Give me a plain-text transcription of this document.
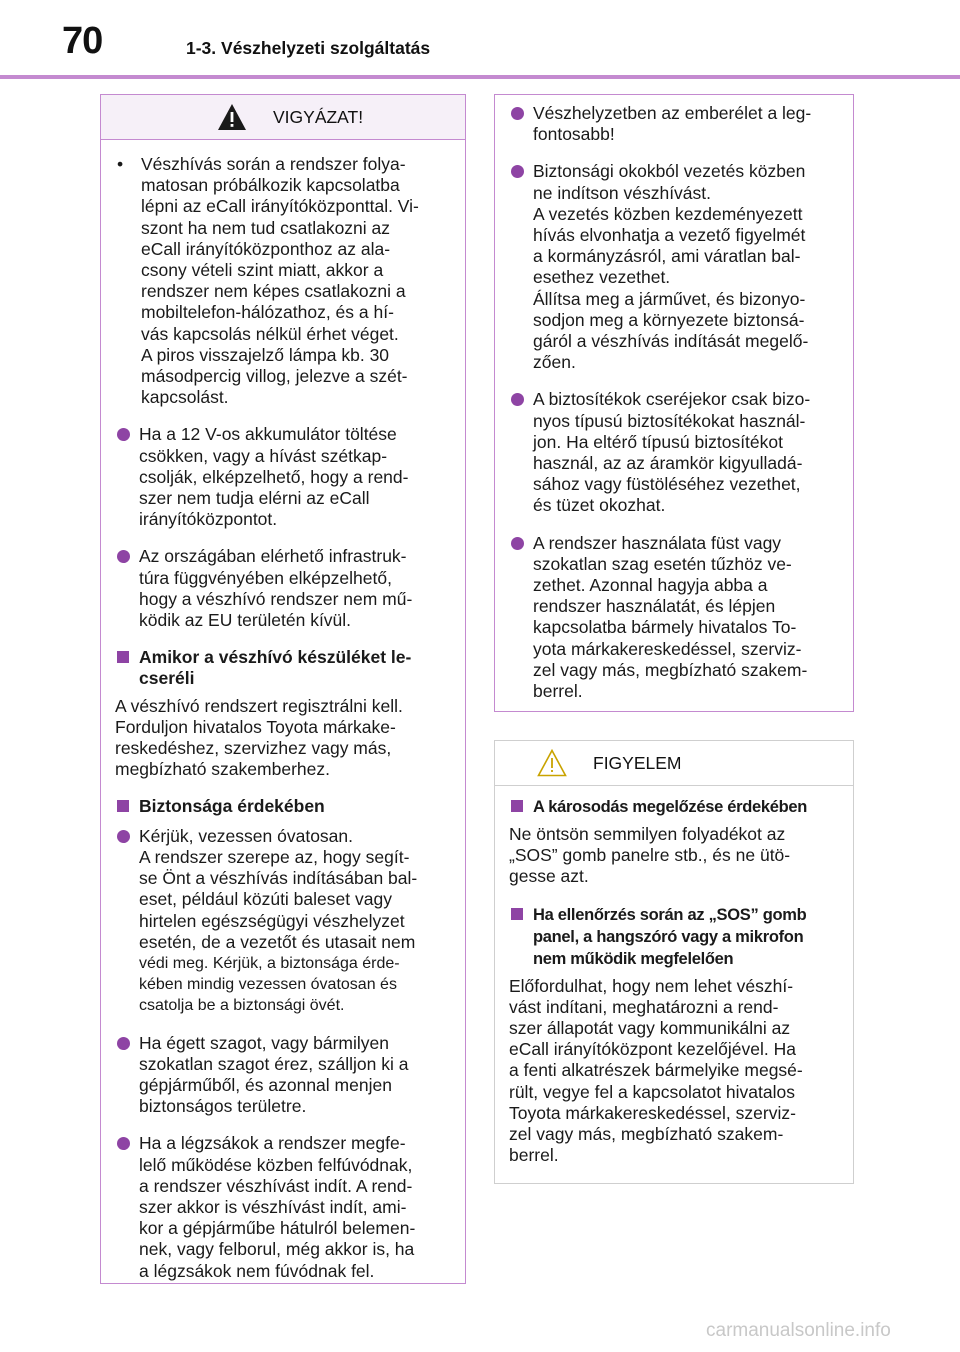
70	1-3. Vészhelyzeti szolgáltatás
VIGYÁZAT!
•	Vészhívás során a rendszer folya-
matosan próbálkozik kapcsolatba
lépni az eCall irányítóközponttal. Vi-
szont ha nem tud csatlakozni az
eCall irányítóközponthoz az ala-
csony vételi szint miatt, akkor a
rendszer nem képes csatlakozni a
mobiltelefon-hálózathoz, és a hí-
vás kapcsolás nélkül érhet véget.
A piros visszajelző lámpa kb. 30
másodpercig villog, jelezve a szét-
kapcsolást.

Ha a 12 V-os akkumulátor töltése
csökken, vagy a hívást szétkap-
csolják, elképzelhető, hogy a rend-
szer nem tudja elérni az eCall
irányítóközpontot.

Az országában elérhető infrastruk-
túra függvényében elképzelhető,
hogy a vészhívó rendszer nem mű-
ködik az EU területén kívül.

Amikor a vészhívó készüléket le-
cseréli

A vészhívó rendszert regisztrálni kell.
Forduljon hivatalos Toyota márkake-
reskedéshez, szervizhez vagy más,
megbízható szakemberhez.

Biztonsága érdekében

Kérjük, vezessen óvatosan.
A rendszer szerepe az, hogy segít-
se Önt a vészhívás indításában bal-
eset, például közúti baleset vagy
hirtelen egészségügyi vészhelyzet
esetén, de a vezetőt és utasait nem

védi meg. Kérjük, a biztonsága érde-
kében mindig vezessen óvatosan és
csatolja be a biztonsági övét.

Ha égett szagot, vagy bármilyen
szokatlan szagot érez, szálljon ki a
gépjárműből, és azonnal menjen
biztonságos területre.

Ha a légzsákok a rendszer megfe-
lelő működése közben felfúvódnak,
a rendszer vészhívást indít. A rend-
szer akkor is vészhívást indít, ami-
kor a gépjárműbe hátulról belemen-
nek, vagy felborul, még akkor is, ha
a légzsákok nem fúvódnak fel.

Vészhelyzetben az emberélet a leg-
fontosabb!

Biztonsági okokból vezetés közben
ne indítson vészhívást.
A vezetés közben kezdeményezett
hívás elvonhatja a vezető figyelmét
a kormányzásról, ami váratlan bal-
esethez vezethet.
Állítsa meg a járművet, és bizonyo-
sodjon meg a környezete biztonsá-
gáról a vészhívás indítását megelő-
zően.

A biztosítékok cseréjekor csak bizo-
nyos típusú biztosítékokat használ-
jon. Ha eltérő típusú biztosítékot
használ, az az áramkör kigyulladá-
sához vagy füstöléséhez vezethet,
és tüzet okozhat.

A rendszer használata füst vagy
szokatlan szag esetén tűzhöz ve-
zethet. Azonnal hagyja abba a
rendszer használatát, és lépjen
kapcsolatba bármely hivatalos To-
yota márkakereskedéssel, szerviz-
zel vagy más, megbízható szakem-
berrel.

FIGYELEM

A károsodás megelőzése érdekében

Ne öntsön semmilyen folyadékot az
„SOS” gomb panelre stb., és ne ütö-
gesse azt.

Ha ellenőrzés során az „SOS” gomb
panel, a hangszóró vagy a mikrofon
nem működik megfelelően

Előfordulhat, hogy nem lehet vészhí-
vást indítani, meghatározni a rend-
szer állapotát vagy kommunikálni az
eCall irányítóközpont kezelőjével. Ha
a fenti alkatrészek bármelyike megsé-
rült, vegye fel a kapcsolatot hivatalos
Toyota márkakereskedéssel, szerviz-
zel vagy más, megbízható szakem-
berrel.

carmanualsonline.info
